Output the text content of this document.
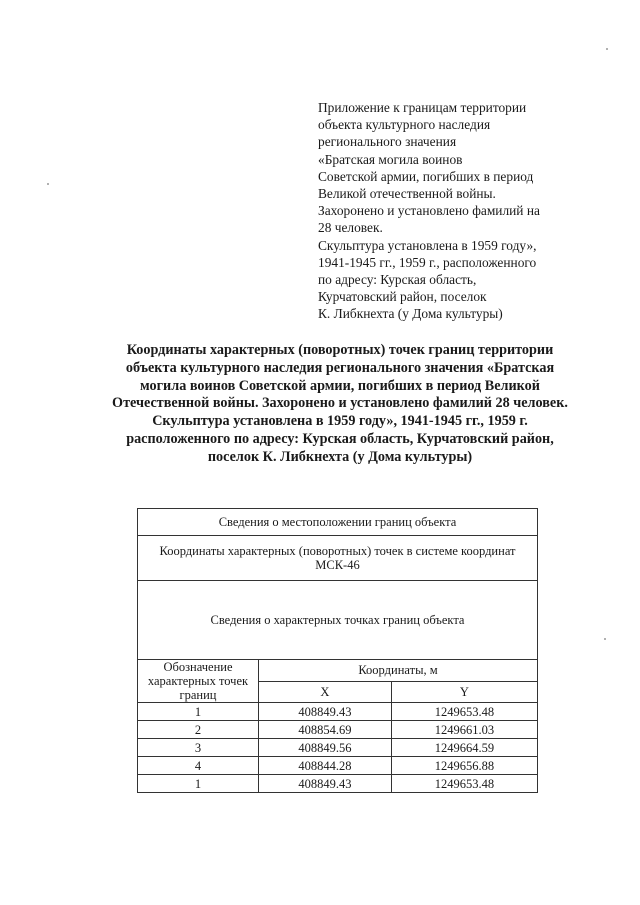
Приложение к границам территории
объекта культурного наследия
регионального значения
«Братская могила воинов
Советской армии, погибших в период
Великой отечественной войны.
Захоронено и установлено фамилий на
28 человек.
Скульптура установлена в 1959 году»,
1941-1945 гг., 1959 г., расположенного
по адресу: Курская область,
Курчатовский район, поселок
К. Либкнехта (у Дома культуры)
Координаты характерных (поворотных) точек границ территории
объекта культурного наследия регионального значения «Братская
могила воинов Советской армии, погибших в период Великой
Отечественной войны. Захоронено и установлено фамилий 28 человек.
Скульптура установлена в 1959 году», 1941-1945 гг., 1959 г.
расположенного по адресу: Курская область, Курчатовский район,
поселок К. Либкнехта (у Дома культуры)
Сведения о местоположении границ объекта		
Координаты характерных (поворотных) точек в системе координат МСК-46		
Сведения о характерных точках границ объекта		
Обозначение характерных точек границ	Координаты, м	
	X	Y
1	408849.43	1249653.48
2	408854.69	1249661.03
3	408849.56	1249664.59
4	408844.28	1249656.88
1	408849.43	1249653.48
